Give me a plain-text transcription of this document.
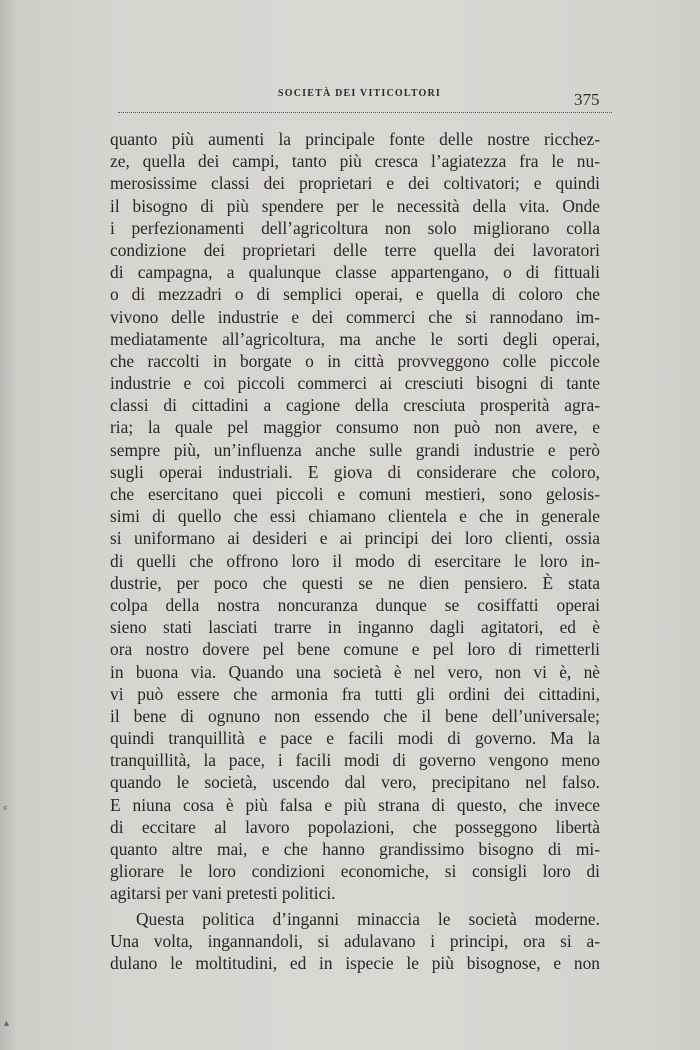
SOCIETÀ DEI VITICOLTORI	375
quanto più aumenti la principale fonte delle nostre ricchez-
ze, quella dei campi, tanto più cresca l’agiatezza fra le nu-
merosissime classi dei proprietari e dei coltivatori; e quindi
il bisogno di più spendere per le necessità della vita. Onde
i perfezionamenti dell’agricoltura non solo migliorano colla
condizione dei proprietari delle terre quella dei lavoratori
di campagna, a qualunque classe appartengano, o di fittuali
o di mezzadri o di semplici operai, e quella di coloro che
vivono delle industrie e dei commerci che si rannodano im-
mediatamente all’agricoltura, ma anche le sorti degli operai,
che raccolti in borgate o in città provveggono colle piccole
industrie e coi piccoli commerci ai cresciuti bisogni di tante
classi di cittadini a cagione della cresciuta prosperità agra-
ria; la quale pel maggior consumo non può non avere, e
sempre più, un’influenza anche sulle grandi industrie e però
sugli operai industriali. E giova di considerare che coloro,
che esercitano quei piccoli e comuni mestieri, sono gelosis-
simi di quello che essi chiamano clientela e che in generale
si uniformano ai desideri e ai principi dei loro clienti, ossia
di quelli che offrono loro il modo di esercitare le loro in-
dustrie, per poco che questi se ne dien pensiero. È stata
colpa della nostra noncuranza dunque se cosiffatti operai
sieno stati lasciati trarre in inganno dagli agitatori, ed è
ora nostro dovere pel bene comune e pel loro di rimetterli
in buona via. Quando una società è nel vero, non vi è, nè
vi può essere che armonia fra tutti gli ordini dei cittadini,
il bene di ognuno non essendo che il bene dell’universale;
quindi tranquillità e pace e facili modi di governo. Ma la
tranquillità, la pace, i facili modi di governo vengono meno
quando le società, uscendo dal vero, precipitano nel falso.
E niuna cosa è più falsa e più strana di questo, che invece
di eccitare al lavoro popolazioni, che posseggono libertà
quanto altre mai, e che hanno grandissimo bisogno di mi-
gliorare le loro condizioni economiche, si consigli loro di
agitarsi per vani pretesti politici.
Questa politica d’inganni minaccia le società moderne.
Una volta, ingannandoli, si adulavano i principi, ora si a-
dulano le moltitudini, ed in ispecie le più bisognose, e non
⸗
▴
